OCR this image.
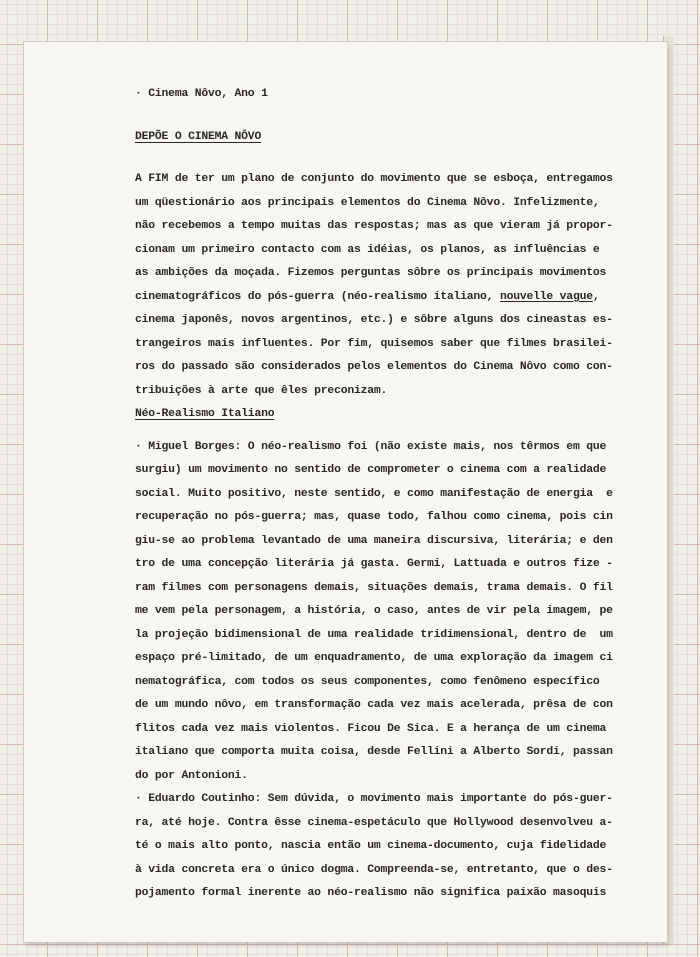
· Cinema Nôvo, Ano 1
DEPÕE O CINEMA NÔVO
A FIM de ter um plano de conjunto do movimento que se esboça, entregamos
um qüestionário aos principais elementos do Cinema Nôvo. Infelizmente,
não recebemos a tempo muitas das respostas; mas as que vieram já propor-
cionam um primeiro contacto com as idéias, os planos, as influências e
as ambições da moçada. Fizemos perguntas sôbre os principais movimentos
cinematográficos do pós-guerra (néo-realismo italiano, nouvelle vague,
cinema japonês, novos argentinos, etc.) e sôbre alguns dos cineastas es-
trangeiros mais influentes. Por fim, quisemos saber que filmes brasilei-
ros do passado são considerados pelos elementos do Cinema Nôvo como con-
tribuições à arte que êles preconizam.
Néo-Realismo Italiano
· Miguel Borges: O néo-realismo foi (não existe mais, nos têrmos em que
surgiu) um movimento no sentido de comprometer o cinema com a realidade
social. Muito positivo, neste sentido, e como manifestação de energia  e
recuperação no pós-guerra; mas, quase todo, falhou como cinema, pois cin
giu-se ao problema levantado de uma maneira discursiva, literária; e den
tro de uma concepção literária já gasta. Germi, Lattuada e outros fize -
ram filmes com personagens demais, situações demais, trama demais. O fil
me vem pela personagem, a história, o caso, antes de vir pela imagem, pe
la projeção bidimensional de uma realidade tridimensional, dentro de  um
espaço pré-limitado, de um enquadramento, de uma exploração da imagem ci
nematográfica, com todos os seus componentes, como fenômeno específico
de um mundo nôvo, em transformação cada vez mais acelerada, prêsa de con
flitos cada vez mais violentos. Ficou De Sica. E a herança de um cinema
italiano que comporta muita coisa, desde Fellini a Alberto Sordi, passan
do por Antonioni.
· Eduardo Coutinho: Sem dúvida, o movimento mais importante do pós-guer-
ra, até hoje. Contra êsse cinema-espetáculo que Hollywood desenvolveu a-
té o mais alto ponto, nascia então um cinema-documento, cuja fidelidade
à vida concreta era o único dogma. Compreenda-se, entretanto, que o des-
pojamento formal inerente ao néo-realismo não significa paixão masoquis
